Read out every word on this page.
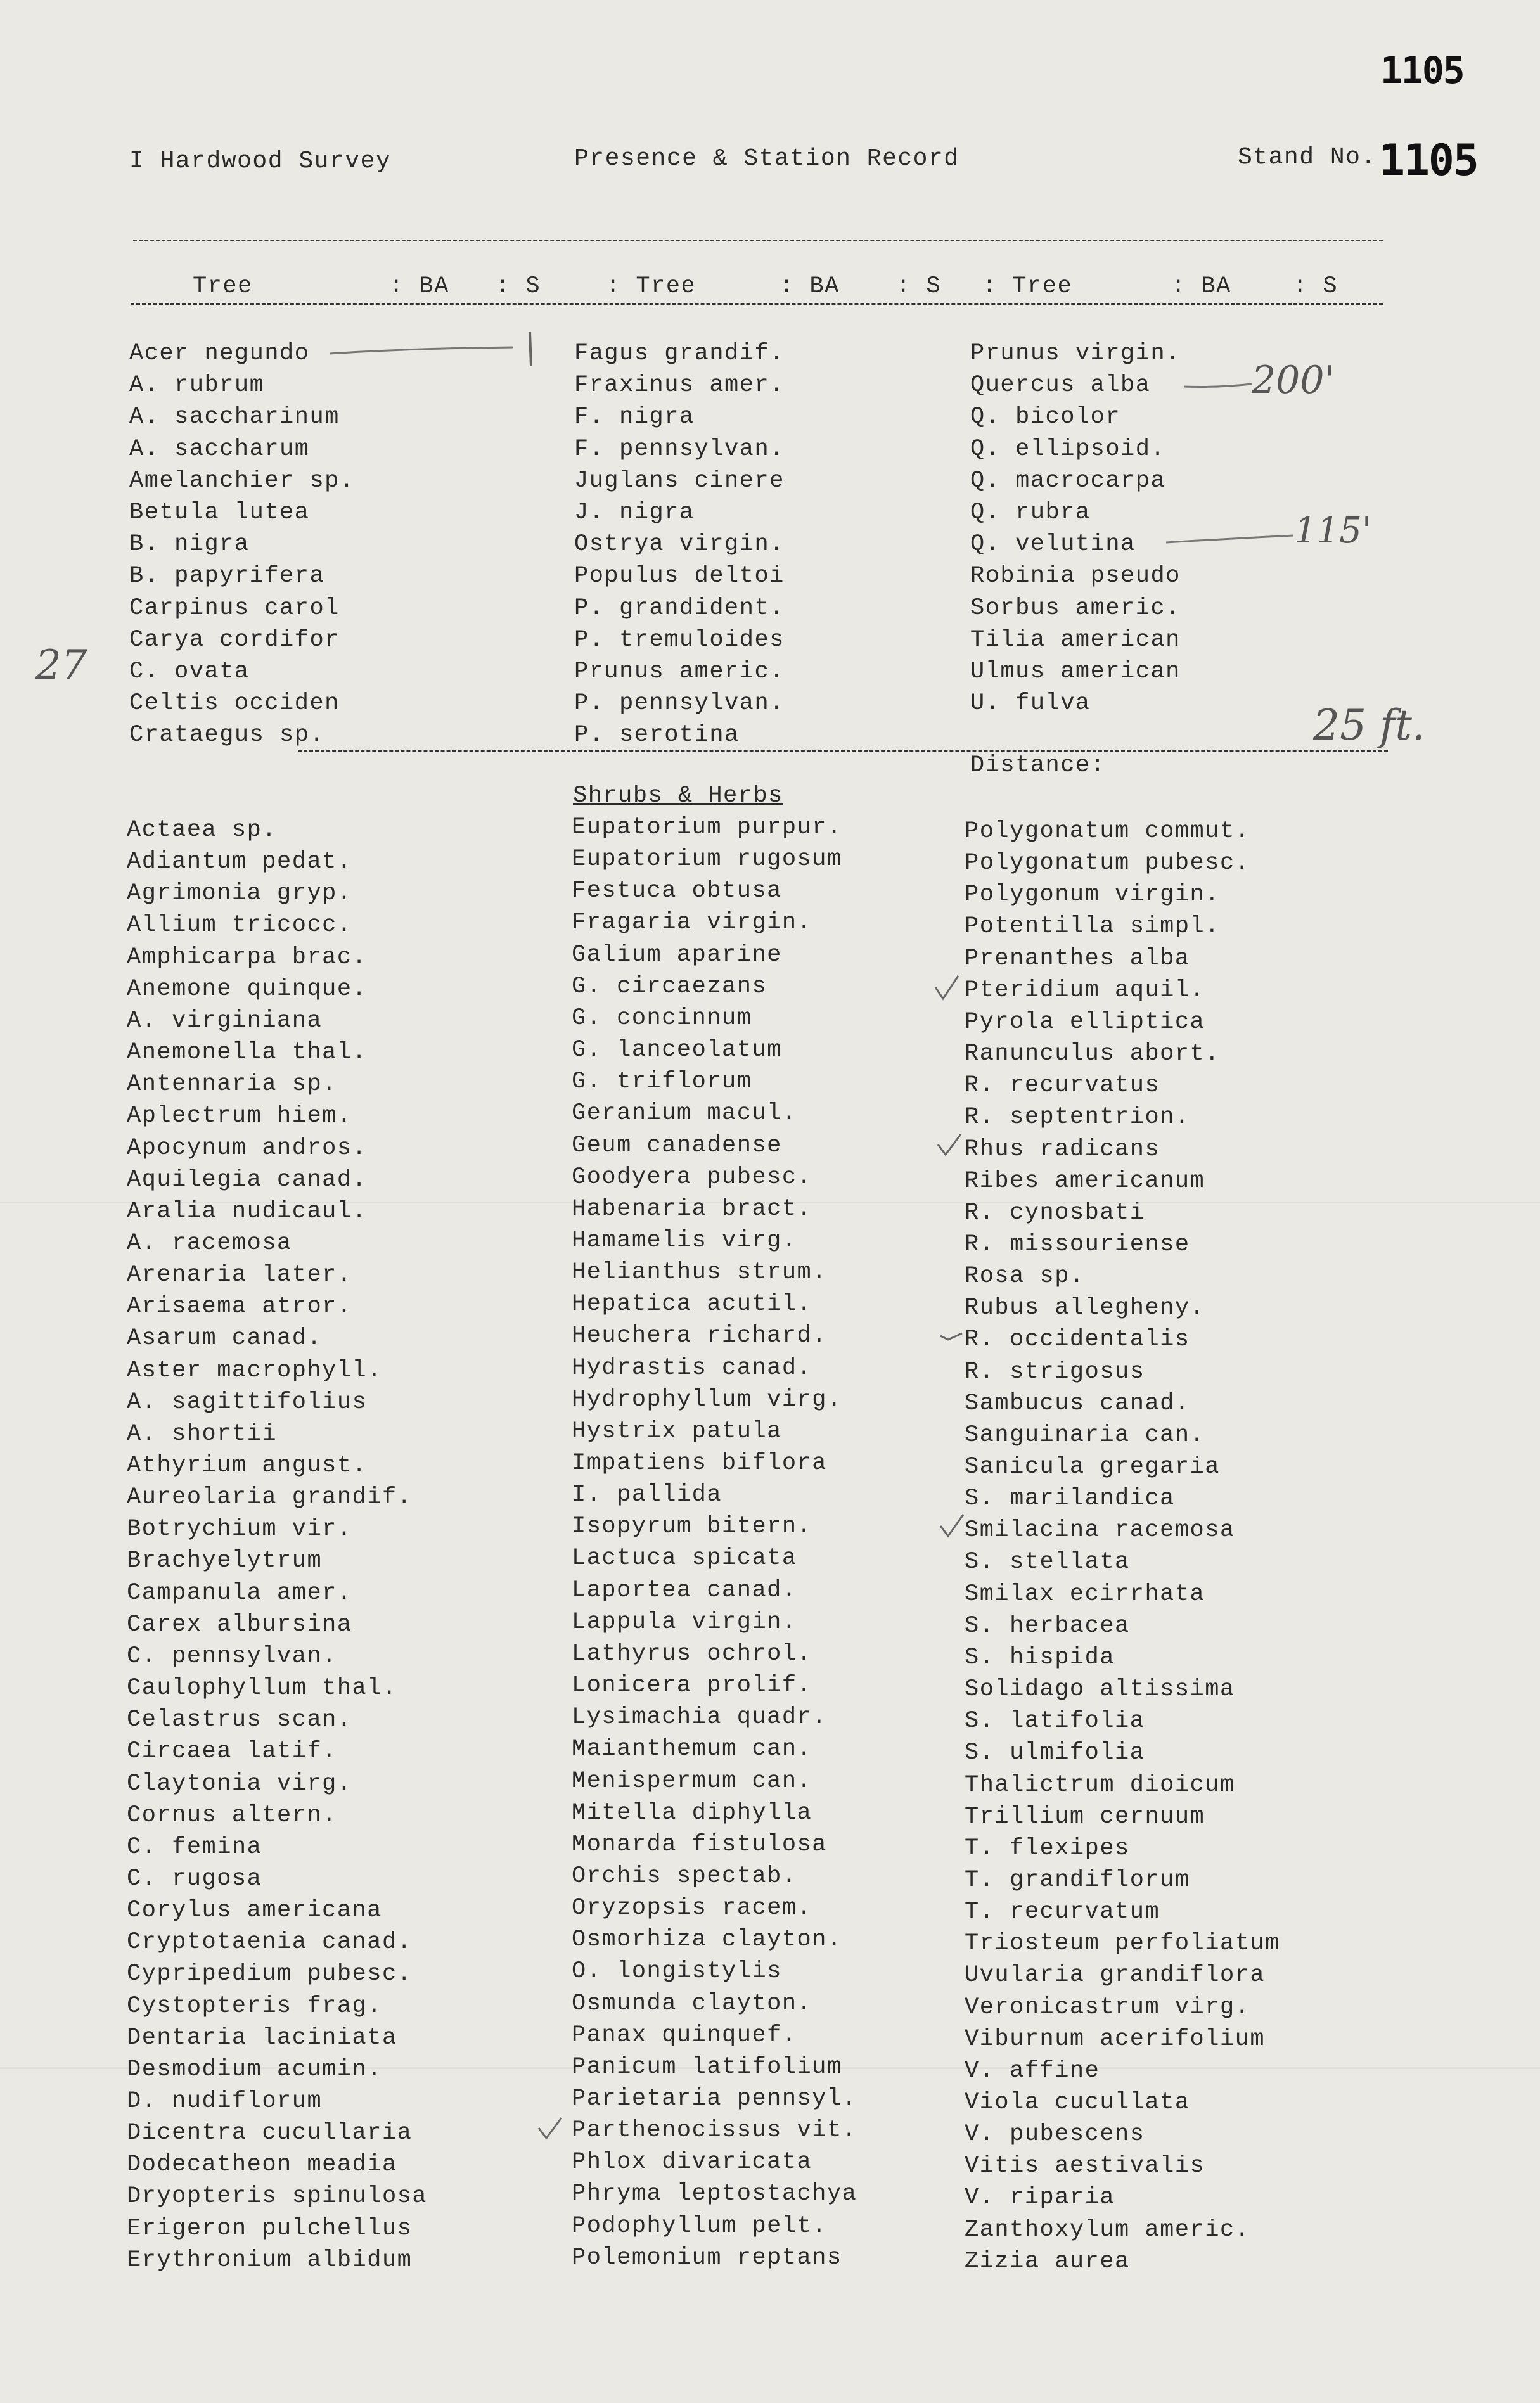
1105
I Hardwood Survey	Presence & Station Record	Stand No. 1105
Tree	: BA : S	: Tree	: BA : S : Tree	: BA	: S
Acer negundo
A. rubrum
A. saccharinum
A. saccharum
Amelanchier sp.
Betula lutea
B. nigra
B. papyrifera
Carpinus carol
Carya cordifor
C. ovata
Celtis occiden
Crataegus sp.
Fagus grandif.
Fraxinus amer.
F. nigra
F. pennsylvan.
Juglans cinere
J. nigra
Ostrya virgin.
Populus deltoi
P. grandident.
P. tremuloides
Prunus americ.
P. pennsylvan.
P. serotina
Prunus virgin.
Quercus alba
Q. bicolor
Q. ellipsoid.
Q. macrocarpa
Q. rubra
Q. velutina
Robinia pseudo
Sorbus americ.
Tilia american
Ulmus american
U. fulva
Distance:
Shrubs & Herbs
Actaea sp.
Adiantum pedat.
Agrimonia gryp.
Allium tricocc.
Amphicarpa brac.
Anemone quinque.
A. virginiana
Anemonella thal.
Antennaria sp.
Aplectrum hiem.
Apocynum andros.
Aquilegia canad.
Aralia nudicaul.
A. racemosa
Arenaria later.
Arisaema atror.
Asarum canad.
Aster macrophyll.
A. sagittifolius
A. shortii
Athyrium angust.
Aureolaria grandif.
Botrychium vir.
Brachyelytrum
Campanula amer.
Carex albursina
C. pennsylvan.
Caulophyllum thal.
Celastrus scan.
Circaea latif.
Claytonia virg.
Cornus altern.
C. femina
C. rugosa
Corylus americana
Cryptotaenia canad.
Cypripedium pubesc.
Cystopteris frag.
Dentaria laciniata
Desmodium acumin.
D. nudiflorum
Dicentra cucullaria
Dodecatheon meadia
Dryopteris spinulosa
Erigeron pulchellus
Erythronium albidum
Eupatorium purpur.
Eupatorium rugosum
Festuca obtusa
Fragaria virgin.
Galium aparine
G. circaezans
G. concinnum
G. lanceolatum
G. triflorum
Geranium macul.
Geum canadense
Goodyera pubesc.
Habenaria bract.
Hamamelis virg.
Helianthus strum.
Hepatica acutil.
Heuchera richard.
Hydrastis canad.
Hydrophyllum virg.
Hystrix patula
Impatiens biflora
I. pallida
Isopyrum bitern.
Lactuca spicata
Laportea canad.
Lappula virgin.
Lathyrus ochrol.
Lonicera prolif.
Lysimachia quadr.
Maianthemum can.
Menispermum can.
Mitella diphylla
Monarda fistulosa
Orchis spectab.
Oryzopsis racem.
Osmorhiza clayton.
O. longistylis
Osmunda clayton.
Panax quinquef.
Panicum latifolium
Parietaria pennsyl.
Parthenocissus vit.
Phlox divaricata
Phryma leptostachya
Podophyllum pelt.
Polemonium reptans
Polygonatum commut.
Polygonatum pubesc.
Polygonum virgin.
Potentilla simpl.
Prenanthes alba
Pteridium aquil.
Pyrola elliptica
Ranunculus abort.
R. recurvatus
R. septentrion.
Rhus radicans
Ribes americanum
R. cynosbati
R. missouriense
Rosa sp.
Rubus allegheny.
R. occidentalis
R. strigosus
Sambucus canad.
Sanguinaria can.
Sanicula gregaria
S. marilandica
Smilacina racemosa
S. stellata
Smilax ecirrhata
S. herbacea
S. hispida
Solidago altissima
S. latifolia
S. ulmifolia
Thalictrum dioicum
Trillium cernuum
T. flexipes
T. grandiflorum
T. recurvatum
Triosteum perfoliatum
Uvularia grandiflora
Veronicastrum virg.
Viburnum acerifolium
V. affine
Viola cucullata
V. pubescens
Vitis aestivalis
V. riparia
Zanthoxylum americ.
Zizia aurea
27
200'
115'
25 ft.
